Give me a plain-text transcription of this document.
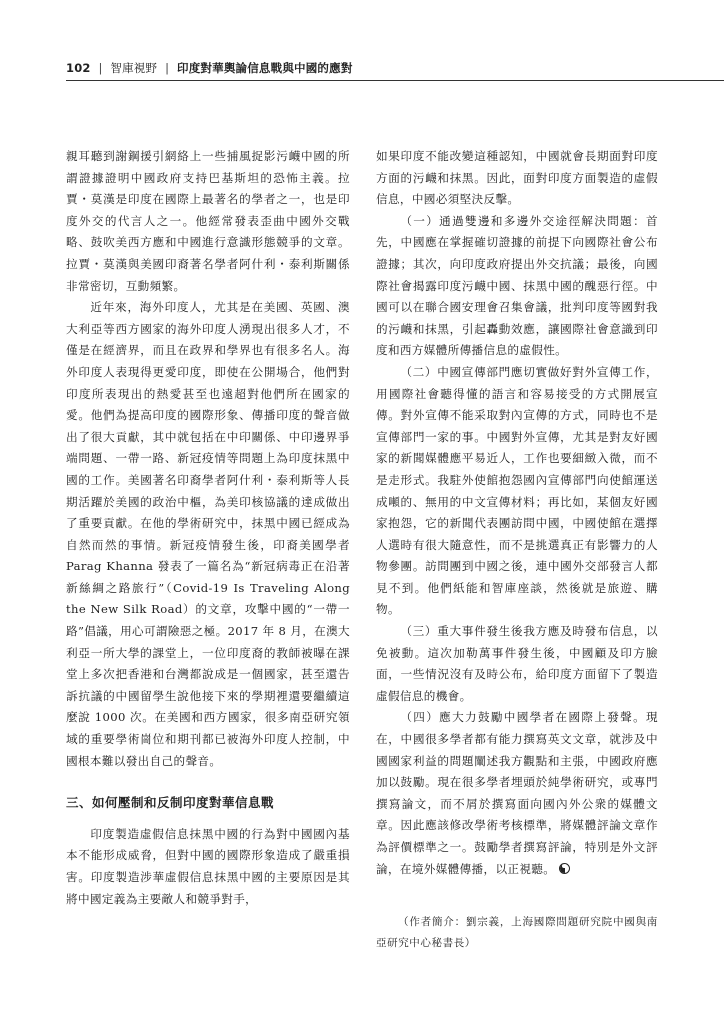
102 | 智庫視野 | 印度對華輿論信息戰與中國的應對

親耳聽到謝鋼援引網絡上一些捕風捉影污衊中國的所謂證據證明中國政府支持巴基斯坦的恐怖主義。拉賈・莫漢是印度在國際上最著名的學者之一，也是印度外交的代言人之一。他經常發表歪曲中國外交戰略、鼓吹美西方應和中國進行意識形態競爭的文章。拉賈・莫漢與美國印裔著名學者阿什利・泰利斯關係非常密切，互動頻繁。

近年來，海外印度人，尤其是在美國、英國、澳大利亞等西方國家的海外印度人湧現出很多人才，不僅是在經濟界，而且在政界和學界也有很多名人。海外印度人表現得更愛印度，即使在公開場合，他們對印度所表現出的熱愛甚至也遠超對他們所在國家的愛。他們為提高印度的國際形象、傳播印度的聲音做出了很大貢獻，其中就包括在中印關係、中印邊界爭端問題、一帶一路、新冠疫情等問題上為印度抹黑中國的工作。美國著名印裔學者阿什利・泰利斯等人長期活躍於美國的政治中樞，為美印核協議的達成做出了重要貢獻。在他的學術研究中，抹黑中國已經成為自然而然的事情。新冠疫情發生後，印裔美國學者Parag Khanna 發表了一篇名為“新冠病毒正在沿著新絲綢之路旅行”（Covid-19 Is Traveling Along the New Silk Road）的文章，攻擊中國的“一帶一路”倡議，用心可謂險惡之極。2017 年 8 月，在澳大利亞一所大學的課堂上，一位印度裔的教師被曝在課堂上多次把香港和台灣都說成是一個國家，甚至還告訴抗議的中國留學生說他接下來的學期裡還要繼續這麼說 1000 次。在美國和西方國家，很多南亞研究領域的重要學術崗位和期刊都已被海外印度人控制，中國根本難以發出自己的聲音。

三、如何壓制和反制印度對華信息戰

印度製造虛假信息抹黑中國的行為對中國國內基本不能形成威脅，但對中國的國際形象造成了嚴重損害。印度製造涉華虛假信息抹黑中國的主要原因是其將中國定義為主要敵人和競爭對手，

如果印度不能改變這種認知，中國就會長期面對印度方面的污衊和抹黑。因此，面對印度方面製造的虛假信息，中國必須堅決反擊。

（一）通過雙邊和多邊外交途徑解決問題：首先，中國應在掌握確切證據的前提下向國際社會公布證據；其次，向印度政府提出外交抗議；最後，向國際社會揭露印度污衊中國、抹黑中國的醜惡行徑。中國可以在聯合國安理會召集會議，批判印度等國對我的污衊和抹黑，引起轟動效應，讓國際社會意識到印度和西方媒體所傳播信息的虛假性。

（二）中國宣傳部門應切實做好對外宣傳工作，用國際社會聽得懂的語言和容易接受的方式開展宣傳。對外宣傳不能采取對內宣傳的方式，同時也不是宣傳部門一家的事。中國對外宣傳，尤其是對友好國家的新聞媒體應平易近人，工作也要細緻入微，而不是走形式。我駐外使館抱怨國內宣傳部門向使館運送成噸的、無用的中文宣傳材料；再比如，某個友好國家抱怨，它的新聞代表團訪問中國，中國使館在選擇人選時有很大隨意性，而不是挑選真正有影響力的人物參團。訪問團到中國之後，連中國外交部發言人都見不到。他們紙能和智庫座談，然後就是旅遊、購物。

（三）重大事件發生後我方應及時發布信息，以免被動。這次加勒萬事件發生後，中國顧及印方臉面，一些情況沒有及時公布，給印度方面留下了製造虛假信息的機會。

（四）應大力鼓勵中國學者在國際上發聲。現在，中國很多學者都有能力撰寫英文文章，就涉及中國國家利益的問題闡述我方觀點和主張，中國政府應加以鼓勵。現在很多學者埋頭於純學術研究，或專門撰寫論文，而不屑於撰寫面向國內外公衆的媒體文章。因此應該修改學術考核標準，將媒體評論文章作為評價標準之一。鼓勵學者撰寫評論，特別是外文評論，在境外媒體傳播，以正視聽。

（作者簡介：劉宗義，上海國際問題研究院中國與南亞研究中心秘書長）
